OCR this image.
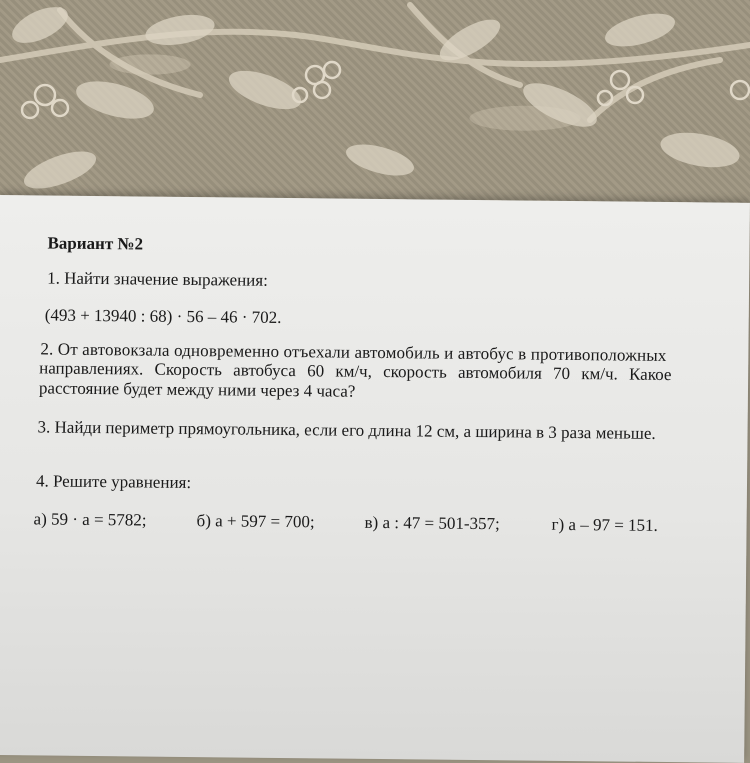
Вариант №2
1. Найти значение выражения:
(493 + 13940 : 68) · 56 – 46 · 702.
2. От автовокзала одновременно отъехали автомобиль и автобус в противоположных
направлениях. Скорость автобуса 60 км/ч, скорость автомобиля 70 км/ч. Какое
расстояние будет между ними через 4 часа?
3. Найди периметр прямоугольника, если его длина 12 см, а ширина в 3 раза меньше.
4. Решите уравнения:
а) 59 · а = 5782;	б) а + 597 = 700;	в) а : 47 = 501-357;	г) а – 97 = 151.
